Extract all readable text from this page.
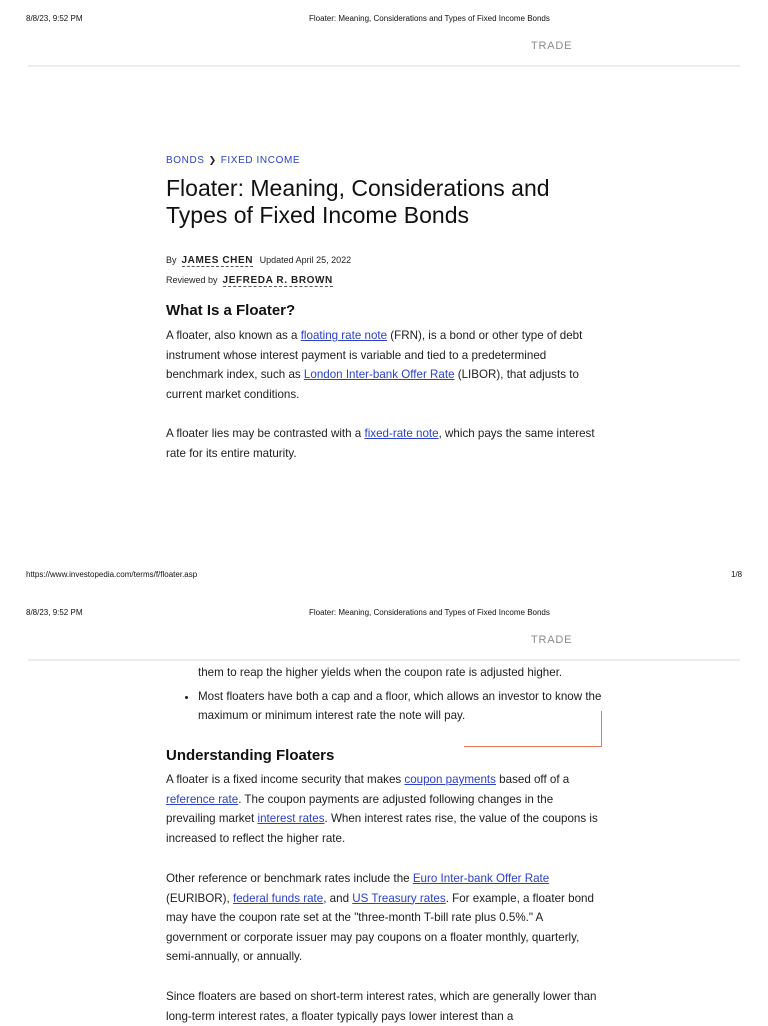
8/8/23, 9:52 PM	Floater: Meaning, Considerations and Types of Fixed Income Bonds
TRADE
BONDS ❯ FIXED INCOME
Floater: Meaning, Considerations and Types of Fixed Income Bonds
By JAMES CHEN Updated April 25, 2022
Reviewed by JEFREDA R. BROWN
What Is a Floater?

A floater, also known as a floating rate note (FRN), is a bond or other type of debt instrument whose interest payment is variable and tied to a predetermined benchmark index, such as London Inter-bank Offer Rate (LIBOR), that adjusts to current market conditions.

A floater lies may be contrasted with a fixed-rate note, which pays the same interest rate for its entire maturity.

https://www.investopedia.com/terms/f/floater.asp	1/8
them to reap the higher yields when the coupon rate is adjusted higher.
• Most floaters have both a cap and a floor, which allows an investor to know the maximum or minimum interest rate the note will pay.
8/8/23, 9:52 PM	Floater: Meaning, Considerations and Types of Fixed Income Bonds
TRADE
Understanding Floaters

A floater is a fixed income security that makes coupon payments based off of a reference rate. The coupon payments are adjusted following changes in the prevailing market interest rates. When interest rates rise, the value of the coupons is increased to reflect the higher rate.

Other reference or benchmark rates include the Euro Inter-bank Offer Rate (EURIBOR), federal funds rate, and US Treasury rates. For example, a floater bond may have the coupon rate set at the "three-month T-bill rate plus 0.5%." A government or corporate issuer may pay coupons on a floater monthly, quarterly, semi-annually, or annually.

Since floaters are based on short-term interest rates, which are generally lower than long-term interest rates, a floater typically pays lower interest than a
